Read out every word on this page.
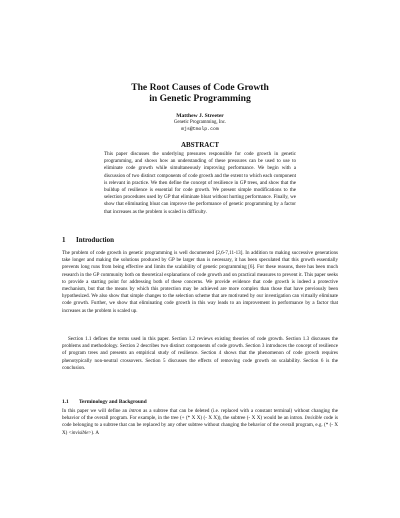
The Root Causes of Code Growth
in Genetic Programming
Matthew J. Streeter
Genetic Programming, Inc.
mjs@tmolp.com
ABSTRACT

This paper discusses the underlying pressures responsible for code growth in genetic programming, and shows how an understanding of these pressures can be used to use to eliminate code growth while simultaneously improving performance. We begin with a discussion of two distinct components of code growth and the extent to which each component is relevant in practice. We then define the concept of resilience in GP trees, and show that the buildup of resilience is essential for code growth. We present simple modifications to the selection procedures used by GP that eliminate bloat without hurting performance. Finally, we show that eliminating bloat can improve the performance of genetic programming by a factor that increases as the problem is scaled in difficulty.

1 Introduction

The problem of code growth in genetic programming is well documented [2,6-7,11-13]. In addition to making successive generations take longer and making the solutions produced by GP be larger than is necessary, it has been speculated that this growth essentially prevents long runs from being effective and limits the scalability of genetic programming [6]. For these reasons, there has been much research in the GP community both on theoretical explanations of code growth and on practical measures to prevent it. This paper seeks to provide a starting point for addressing both of these concerns. We provide evidence that code growth is indeed a protective mechanism, but that the means by which this protection may be achieved are more complex than those that have previously been hypothesized. We also show that simple changes to the selection scheme that are motivated by our investigation can virtually eliminate code growth. Further, we show that eliminating code growth in this way leads to an improvement in performance by a factor that increases as the problem is scaled up.

Section 1.1 defines the terms used in this paper. Section 1.2 reviews existing theories of code growth. Section 1.3 discusses the problems and methodology. Section 2 describes two distinct components of code growth. Section 3 introduces the concept of resilience of program trees and presents an empirical study of resilience. Section 4 shows that the phenomenon of code growth requires phenotypically non-neutral crossovers. Section 5 discusses the effects of removing code growth on scalability. Section 6 is the conclusion.

1.1 Terminology and Background

In this paper we will define an intron as a subtree that can be deleted (i.e. replaced with a constant terminal) without changing the behavior of the overall program. For example, in the tree (+ (* X X) (- X X)), the subtree (- X X) would be an intron. Invisible code is code belonging to a subtree that can be replaced by any other subtree without changing the behavior of the overall program, e.g. (* (- X X) <invisible>). A
